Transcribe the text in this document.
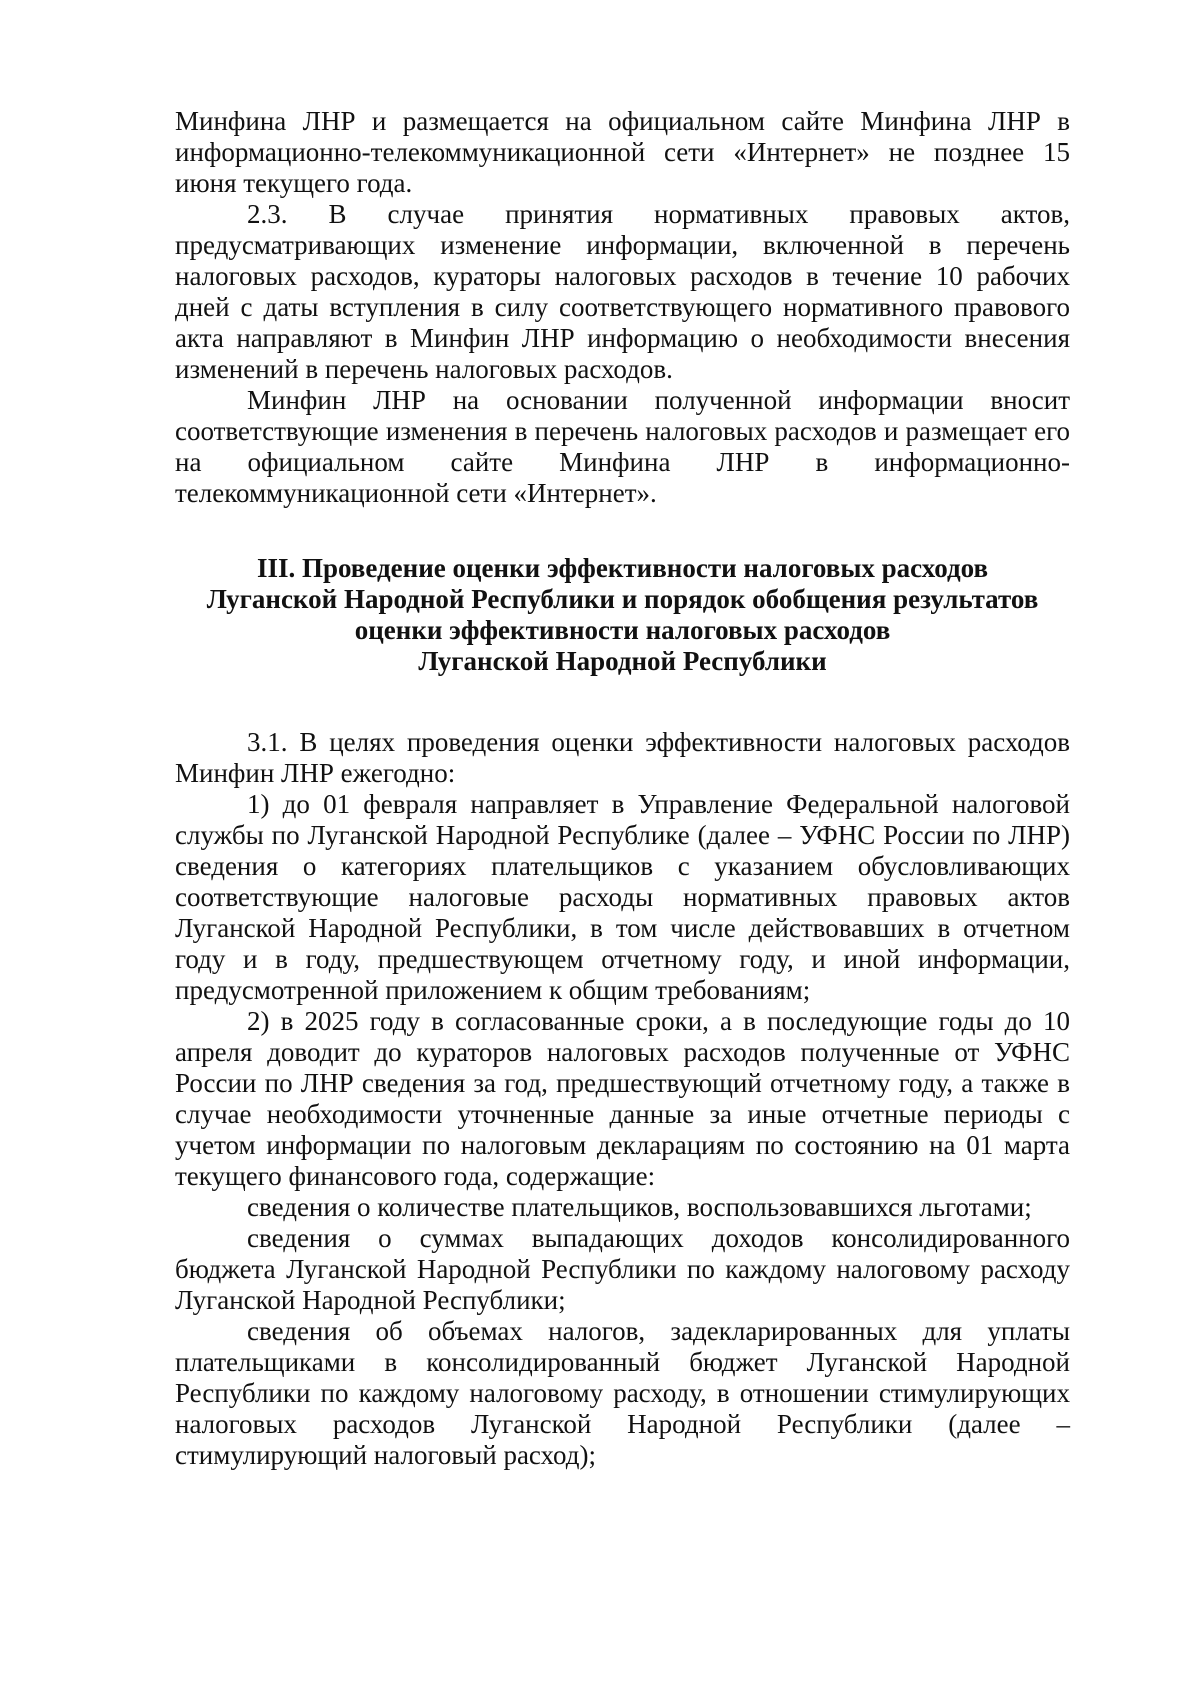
Минфина ЛНР и размещается на официальном сайте Минфина ЛНР в информационно-телекоммуникационной сети «Интернет» не позднее 15 июня текущего года.

2.3. В случае принятия нормативных правовых актов, предусматривающих изменение информации, включенной в перечень налоговых расходов, кураторы налоговых расходов в течение 10 рабочих дней с даты вступления в силу соответствующего нормативного правового акта направляют в Минфин ЛНР информацию о необходимости внесения изменений в перечень налоговых расходов.

Минфин ЛНР на основании полученной информации вносит соответствующие изменения в перечень налоговых расходов и размещает его на официальном сайте Минфина ЛНР в информационно-телекоммуникационной сети «Интернет».

III. Проведение оценки эффективности налоговых расходов
Луганской Народной Республики и порядок обобщения результатов
оценки эффективности налоговых расходов
Луганской Народной Республики

3.1. В целях проведения оценки эффективности налоговых расходов Минфин ЛНР ежегодно:

1) до 01 февраля направляет в Управление Федеральной налоговой службы по Луганской Народной Республике (далее – УФНС России по ЛНР) сведения о категориях плательщиков с указанием обусловливающих соответствующие налоговые расходы нормативных правовых актов Луганской Народной Республики, в том числе действовавших в отчетном году и в году, предшествующем отчетному году, и иной информации, предусмотренной приложением к общим требованиям;

2) в 2025 году в согласованные сроки, а в последующие годы до 10 апреля доводит до кураторов налоговых расходов полученные от УФНС России по ЛНР сведения за год, предшествующий отчетному году, а также в случае необходимости уточненные данные за иные отчетные периоды с учетом информации по налоговым декларациям по состоянию на 01 марта текущего финансового года, содержащие:

сведения о количестве плательщиков, воспользовавшихся льготами;

сведения о суммах выпадающих доходов консолидированного бюджета Луганской Народной Республики по каждому налоговому расходу Луганской Народной Республики;

сведения об объемах налогов, задекларированных для уплаты плательщиками в консолидированный бюджет Луганской Народной Республики по каждому налоговому расходу, в отношении стимулирующих налоговых расходов Луганской Народной Республики (далее – стимулирующий налоговый расход);
